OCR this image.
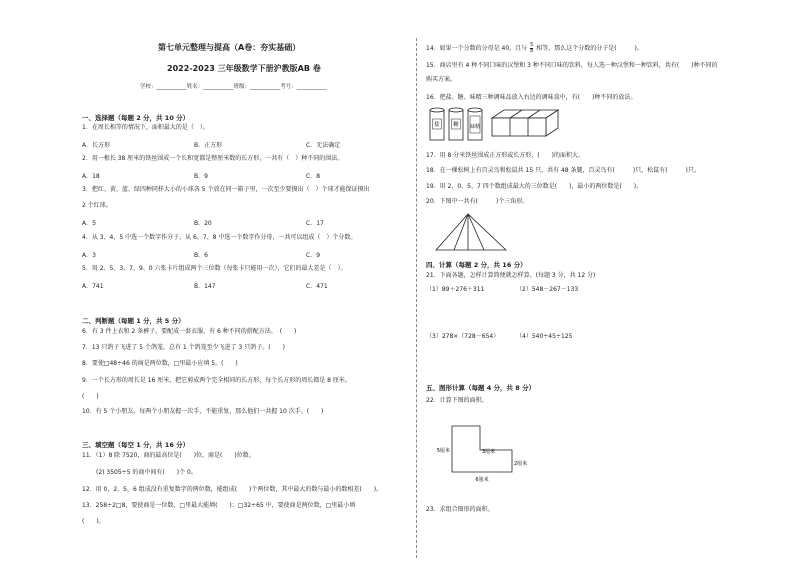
第七单元整理与提高（A卷：夯实基础）
2022-2023 三年级数学下册沪教版AB 卷
学校：___________姓名：___________班级：___________考号：___________
一、选择题（每题 2 分，共 10 分）
1．在周长相等的情况下，面积最大的是（　）。
A．长方形	B．正方形	C．无法确定
2．用一根长 38 厘米的铁丝围成一个长和宽都是整厘米数的长方形，一共有（　）种不同的围法。
A．18	B．9	C．8
3．把红、黄、蓝、绿四种同样大小的小球各 5 个放在同一箱子里，一次至少要摸出（　）个球才能保证摸出
2 个红球。
A．5	B．20	C．17
4．从 3、4、5 中选一个数字作分子，从 6、7、8 中选一个数字作分母，一共可以组成（　）个分数。
A．3	B．6	C．9
5．用 2、5、3、7、9、0 六张卡片组成两个三位数（每张卡只能用一次），它们的最大差是（　）。
A．741	B．147	C．471
二、判断题（每题 1 分，共 5 分）
6．有 3 件上衣和 2 条裤子，要配成一套衣服，有 6 种不同的搭配方法。　(　　)
7．13 只鸽子飞进了 5 个鸽笼，总有 1 个鸽笼至少飞进了 3 只鸽子。(　　)
8．要使□48÷46 的商是两位数，□里最小应填 5。(　　)
9．一个长方形的周长是 16 厘米，把它剪成两个完全相同的长方形，每个长方形的周长都是 8 厘米。
(　　)
10．有 5 个小朋友，每两个小朋友握一次手，不能重复，那么他们一共握 10 次手。(　　)
三、填空题（每空 1 分，共 16 分）
11．（1）8 除 7520，商的最高位是(　　)位，商是(　　)位数。
(2) 3505÷5 的商中间有(　　)个 0。
12．用 0，2，5，6 组成没有重复数字的两位数，能组成(　　)个两位数，其中最大的数与最小的数相差(　　)。
13．258÷2□8，要使商是一位数，□里最大能填(　　)；□32÷65 中，要使商是两位数，□里最小填
(　　)。
14．如果一个分数的分母是 40，且与 $\frac{5}{8}$ 相等，那么这个分数的分子是(　　　)。
15．商店里有 4 种不同口味的汉堡和 3 种不同口味的饮料，每人选一种汉堡和一种饮料，共有(　　)种不同的
购买方案。
16．把盐、糖、味精三种调味品放入右边的调味盒中，有(　　)种不同的放法。
盐 糖 味精
17．用 8 分米铁丝围成正方形或长方形，(　　)的面积大。
18．在一棵松树上有百灵鸟和松鼠共 15 只，共有 48 条腿，百灵鸟有(　　　)只，松鼠有(　　　)只。
19．用 2、0、5、7 四个数组成最大的三位数是(　　)，最小的两位数是(　　)。
20．下图中一共有(　　　)个三角形。
四、计算（每题 2 分，共 16 分）
21．下面各题，怎样计算简便就怎样算。(每题 3 分，共 12 分)
（1）89＋276＋311	（2）548－267－133
（3）278×（728－654）	（4）540÷45÷125
五、图形计算（每题 4 分，共 8 分）
22．计算下图的面积。
5厘米	3厘米
2厘米
6厘米
23．求组合图形的面积。
